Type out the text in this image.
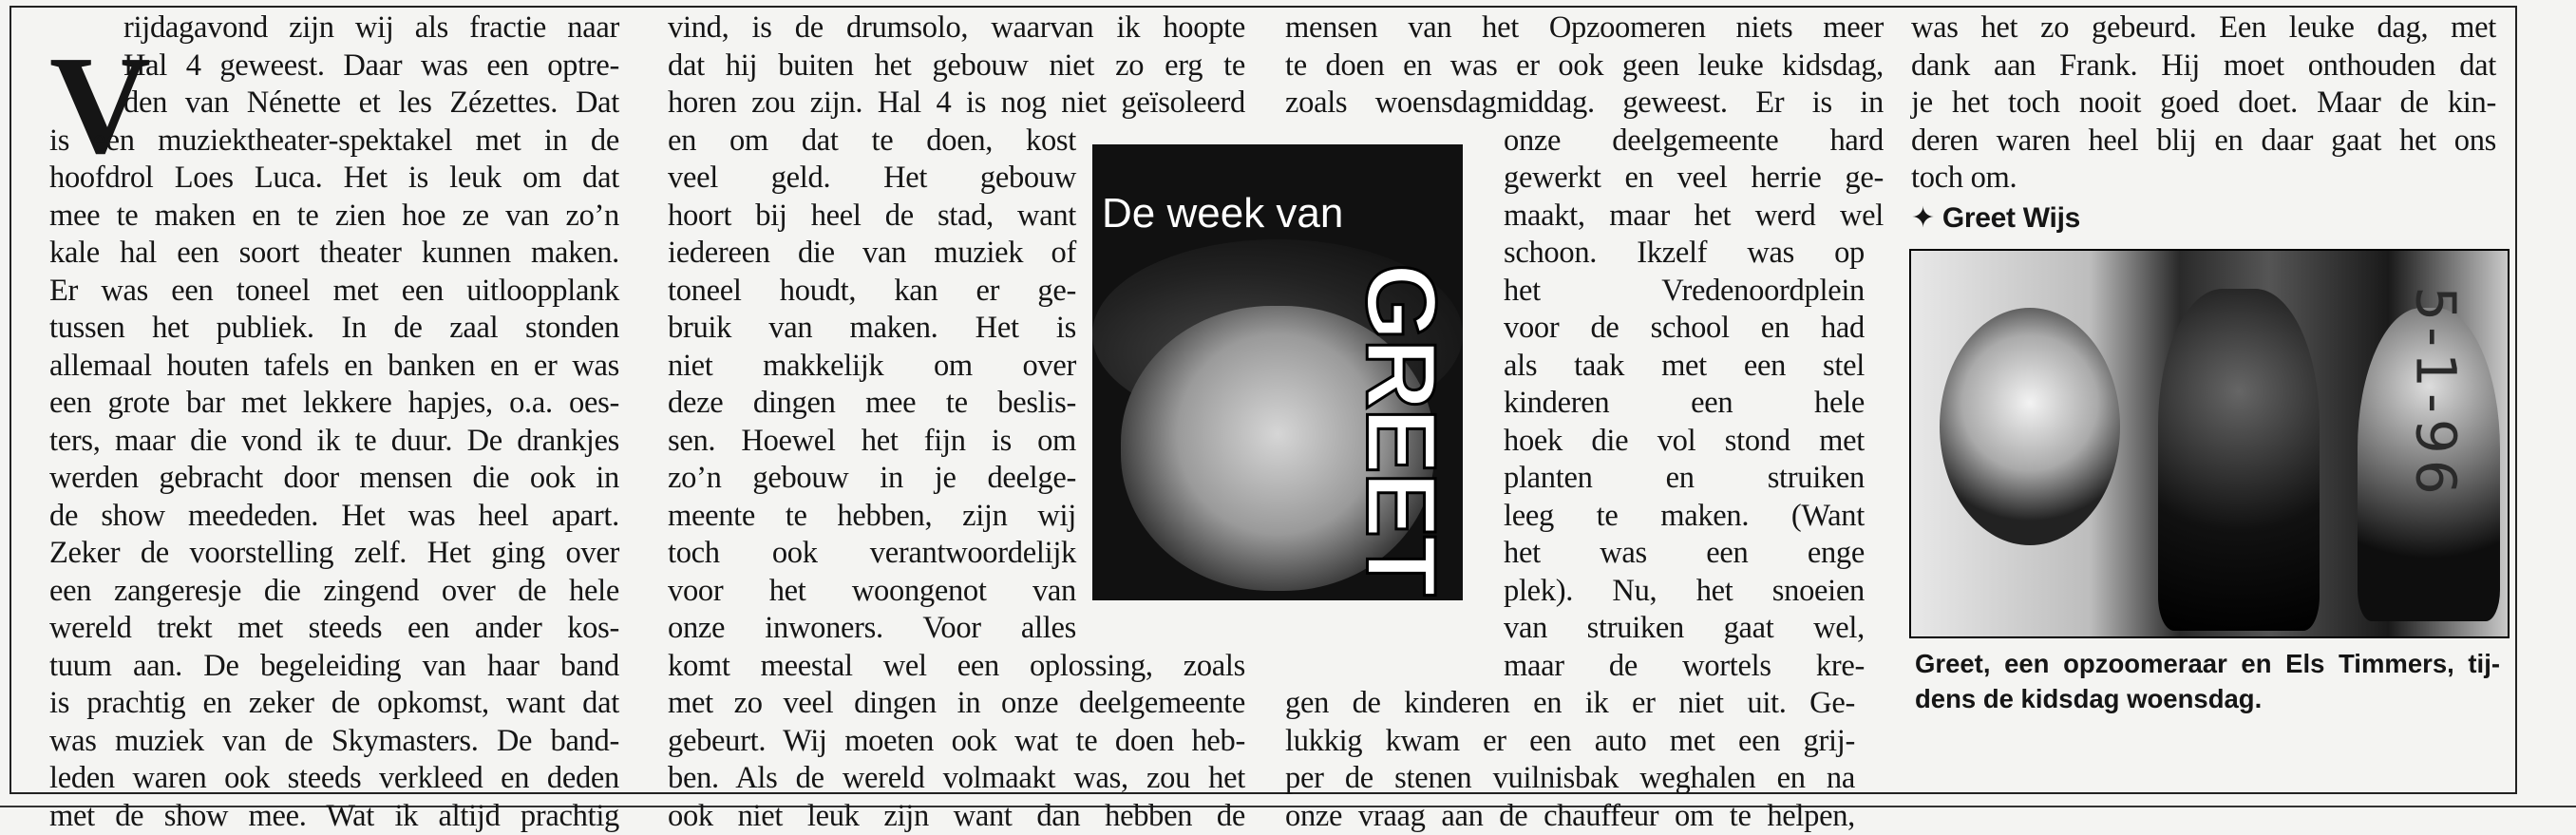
V
rijdagavond zijn wij als fractie naar
Hal 4 geweest. Daar was een optre-
den van Nénette et les Zézettes. Dat
is een muziektheater-spektakel met in de
hoofdrol Loes Luca. Het is leuk om dat
mee te maken en te zien hoe ze van zo’n
kale hal een soort theater kunnen maken.
Er was een toneel met een uitloopplank
tussen het publiek. In de zaal stonden
allemaal houten tafels en banken en er was
een grote bar met lekkere hapjes, o.a. oes-
ters, maar die vond ik te duur. De drankjes
werden gebracht door mensen die ook in
de show meededen. Het was heel apart.
Zeker de voorstelling zelf. Het ging over
een zangeresje die zingend over de hele
wereld trekt met steeds een ander kos-
tuum aan. De begeleiding van haar band
is prachtig en zeker de opkomst, want dat
was muziek van de Skymasters. De band-
leden waren ook steeds verkleed en deden
met de show mee. Wat ik altijd prachtig
vind, is de drumsolo, waarvan ik hoopte
dat hij buiten het gebouw niet zo erg te
horen zou zijn. Hal 4 is nog niet geïsoleerd
en om dat te doen, kost
veel geld. Het gebouw
hoort bij heel de stad, want
iedereen die van muziek of
toneel houdt, kan er ge-
bruik van maken. Het is
niet makkelijk om over
deze dingen mee te beslis-
sen. Hoewel het fijn is om
zo’n gebouw in je deelge-
meente te hebben, zijn wij
toch ook verantwoordelijk
voor het woongenot van
onze inwoners. Voor alles
komt meestal wel een oplossing, zoals
met zo veel dingen in onze deelgemeente
gebeurt. Wij moeten ook wat te doen heb-
ben. Als de wereld volmaakt was, zou het
ook niet leuk zijn want dan hebben de
De week van
GREET
mensen van het Opzoomeren niets meer
te doen en was er ook geen leuke kidsdag,
zoals woensdagmiddag. geweest. Er is in
onze deelgemeente hard
gewerkt en veel herrie ge-
maakt, maar het werd wel
schoon. Ikzelf was op
het Vredenoordplein
voor de school en had
als taak met een stel
kinderen een hele
hoek die vol stond met
planten en struiken
leeg te maken. (Want
het was een enge
plek). Nu, het snoeien
van struiken gaat wel,
maar de wortels kre-
gen de kinderen en ik er niet uit. Ge-
lukkig kwam er een auto met een grij-
per de stenen vuilnisbak weghalen en na
onze vraag aan de chauffeur om te helpen,
was het zo gebeurd. Een leuke dag, met
dank aan Frank. Hij moet onthouden dat
je het toch nooit goed doet. Maar de kin-
deren waren heel blij en daar gaat het ons
toch om.
✦ Greet Wijs
Greet, een opzoomeraar en Els Timmers, tij-dens de kidsdag woensdag.
5-1-96
